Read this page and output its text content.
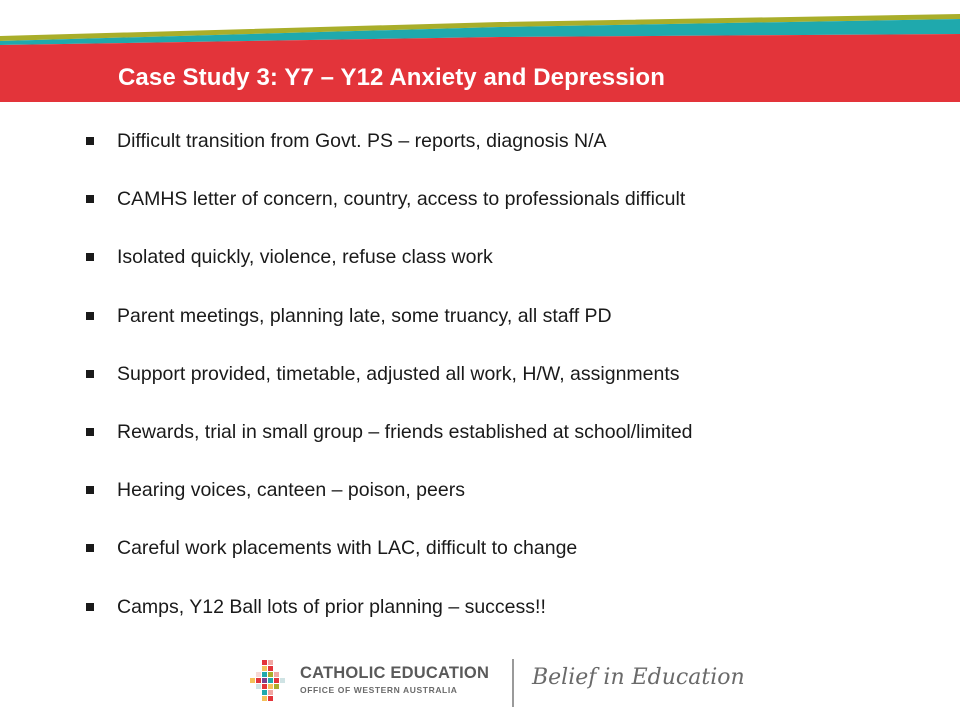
Case Study 3: Y7 – Y12 Anxiety and Depression
Difficult transition from Govt. PS – reports, diagnosis N/A
CAMHS letter of concern, country, access to professionals difficult
Isolated quickly, violence, refuse class work
Parent meetings, planning late, some truancy, all staff PD
Support provided, timetable, adjusted all work, H/W, assignments
Rewards, trial in small group – friends established at school/limited
Hearing voices, canteen – poison, peers
Careful work placements with LAC, difficult to change
Camps, Y12 Ball lots of prior planning – success!!

CATHOLIC EDUCATION

OFFICE OF WESTERN AUSTRALIA	Belief in Education
